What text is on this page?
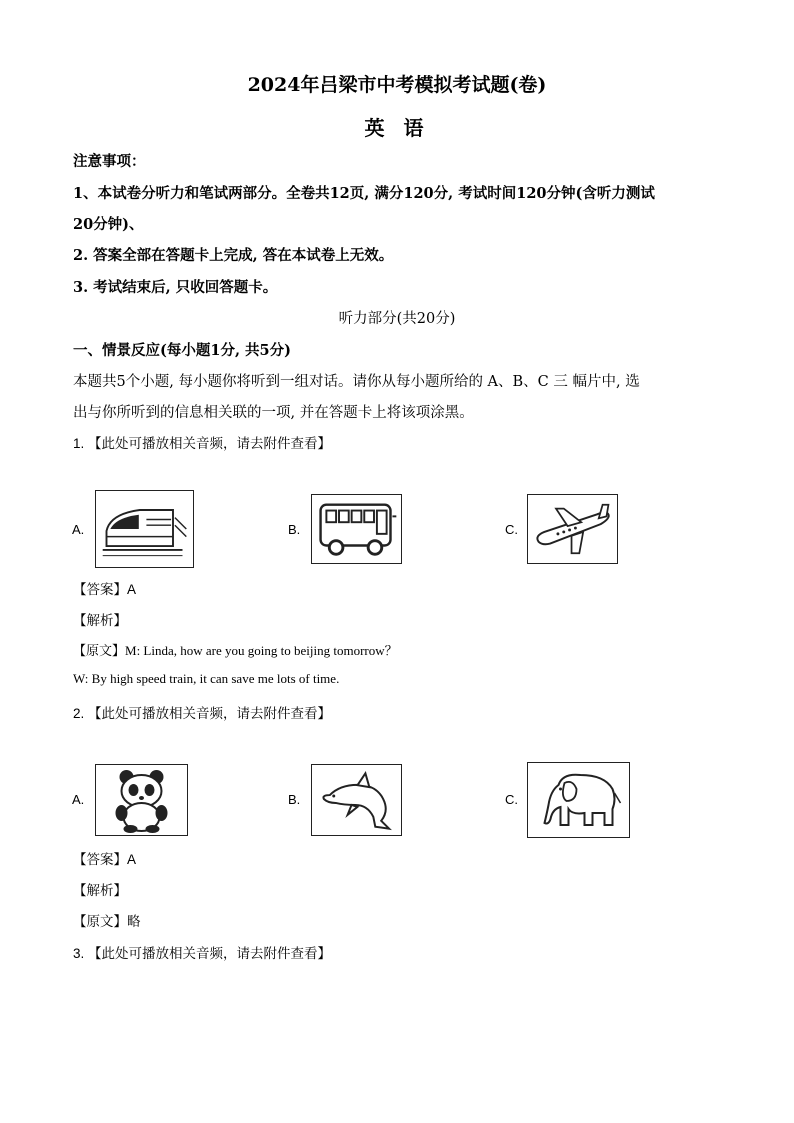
2024年吕梁市中考模拟考试题(卷)
英 语
注意事项：
1、本试卷分听力和笔试两部分。全卷共12页, 满分120分, 考试时间120分钟(含听力测试
20分钟)、
2. 答案全部在答题卡上完成, 答在本试卷上无效。
3. 考试结束后, 只收回答题卡。
听力部分(共20分)
一、情景反应(每小题1分, 共5分)
本题共5个小题, 每小题你将听到一组对话。请你从每小题所给的 A、B、C 三 幅片中, 选
出与你所听到的信息相关联的一项, 并在答题卡上将该项涂黑。
1. 【此处可播放相关音频，请去附件查看】
A.	B.	C.
【答案】A
【解析】
【原文】M: Linda, how are you going to beijing tomorrow？
W: By high speed train, it can save me lots of time.
2. 【此处可播放相关音频，请去附件查看】
A.	B.	C.
【答案】A
【解析】
【原文】略
3. 【此处可播放相关音频，请去附件查看】
